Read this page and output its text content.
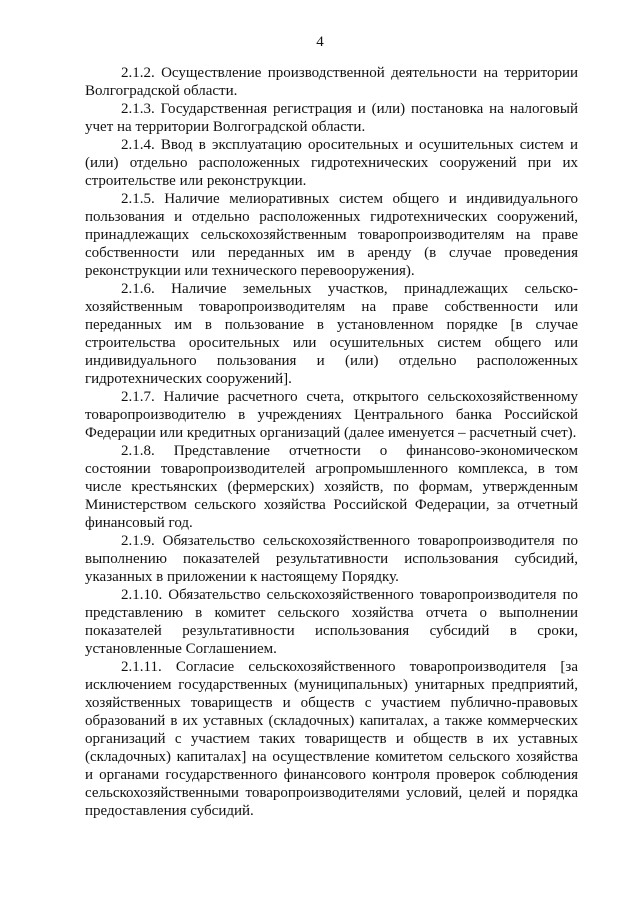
4

2.1.2. Осуществление производственной деятельности на территории Волгоградской области.

2.1.3. Государственная регистрация и (или) постановка на налоговый учет на территории Волгоградской области.

2.1.4. Ввод в эксплуатацию оросительных и осушительных систем и (или) отдельно расположенных гидротехнических сооружений при их строительстве или реконструкции.

2.1.5. Наличие мелиоративных систем общего и индивидуального пользования и отдельно расположенных гидротехнических сооружений, принадлежащих сельскохозяйственным товаропроизводителям на праве собственности или переданных им в аренду (в случае проведения реконструкции или технического перевооружения).

2.1.6. Наличие земельных участков, принадлежащих сельско-хозяйственным товаропроизводителям на праве собственности или переданных им в пользование в установленном порядке [в случае строительства оросительных или осушительных систем общего или индивидуального пользования и (или) отдельно расположенных гидротехнических сооружений].

2.1.7. Наличие расчетного счета, открытого сельскохозяйственному товаропроизводителю в учреждениях Центрального банка Российской Федерации или кредитных организаций (далее именуется – расчетный счет).

2.1.8. Представление отчетности о финансово-экономическом состоянии товаропроизводителей агропромышленного комплекса, в том числе крестьянских (фермерских) хозяйств, по формам, утвержденным Министерством сельского хозяйства Российской Федерации, за отчетный финансовый год.

2.1.9. Обязательство сельскохозяйственного товаропроизводителя по выполнению показателей результативности использования субсидий, указанных в приложении к настоящему Порядку.

2.1.10. Обязательство сельскохозяйственного товаропроизводителя по представлению в комитет сельского хозяйства отчета о выполнении показателей результативности использования субсидий в сроки, установленные Соглашением.

2.1.11. Согласие сельскохозяйственного товаропроизводителя [за исключением государственных (муниципальных) унитарных предприятий, хозяйственных товариществ и обществ с участием публично-правовых образований в их уставных (складочных) капиталах, а также коммерческих организаций с участием таких товариществ и обществ в их уставных (складочных) капиталах] на осуществление комитетом сельского хозяйства и органами государственного финансового контроля проверок соблюдения сельскохозяйственными товаропроизводителями условий, целей и порядка предоставления субсидий.
